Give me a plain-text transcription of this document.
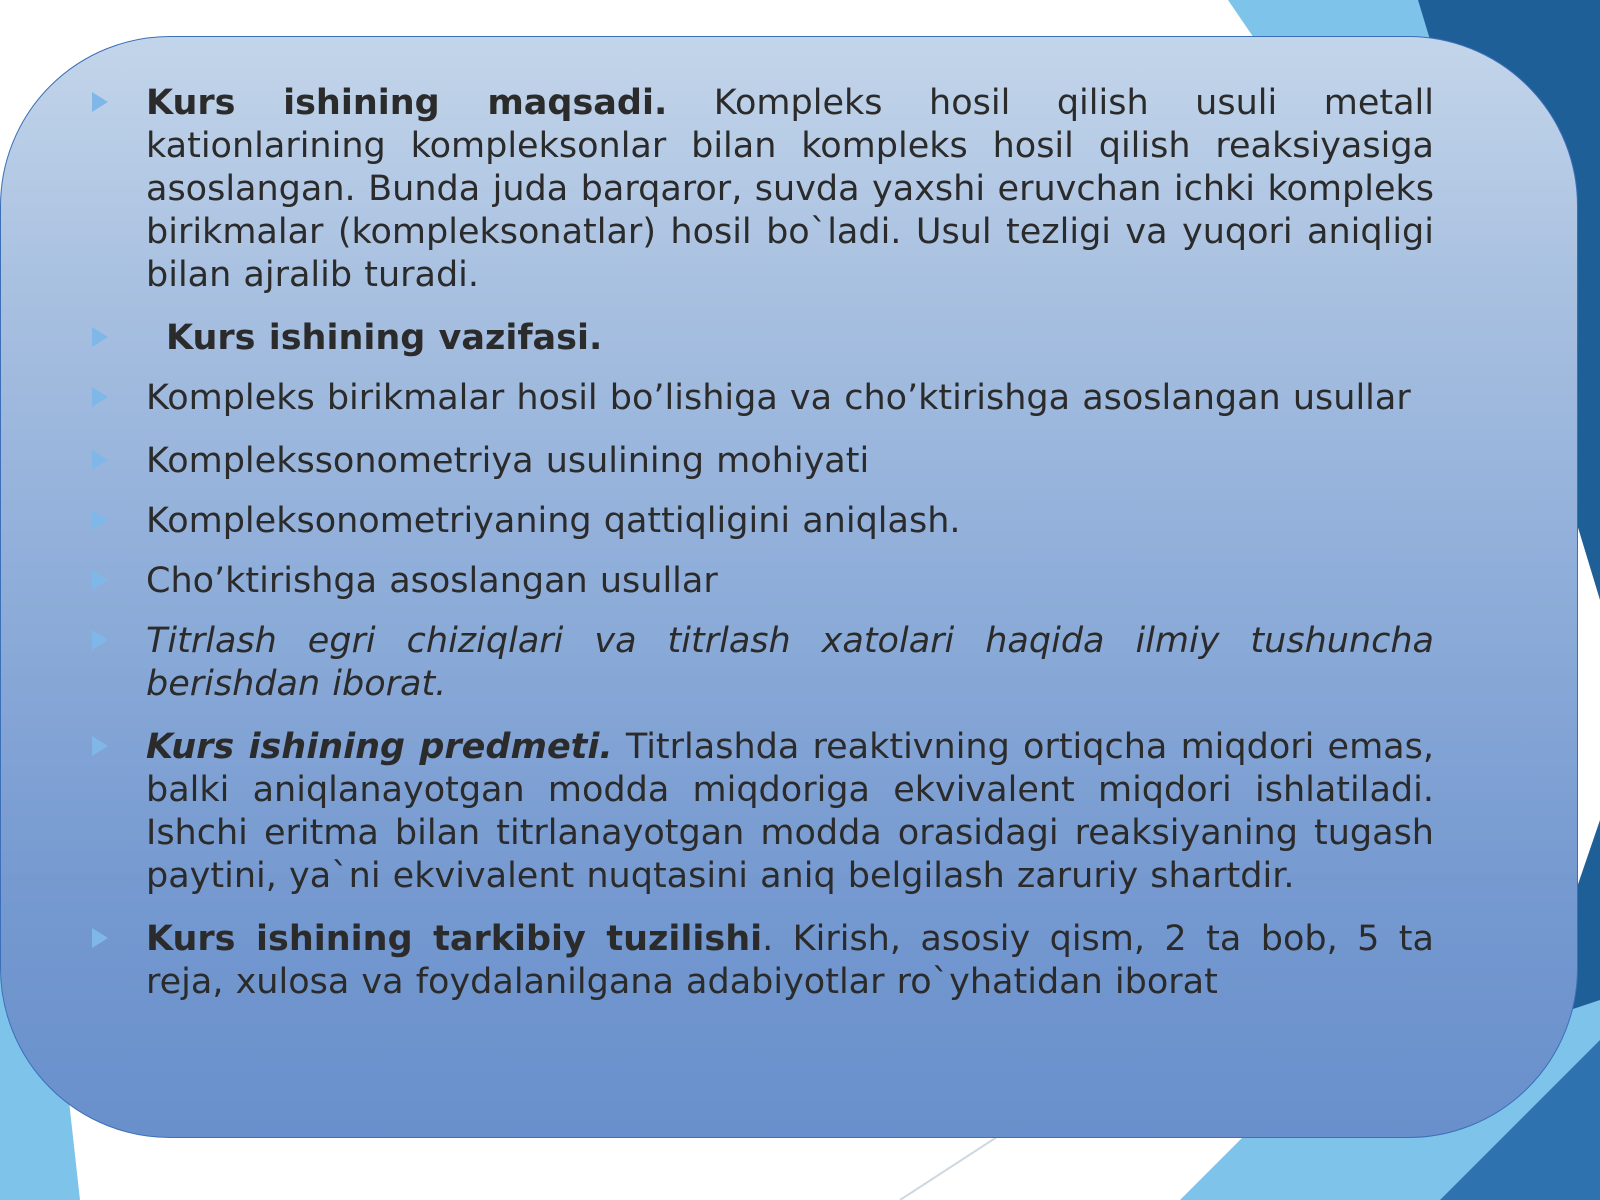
Kurs ishining maqsadi. Kompleks hosil qilish usuli metall kationlarining kompleksonlar bilan kompleks hosil qilish reaksiyasiga asoslangan. Bunda juda barqaror, suvda yaxshi eruvchan ichki kompleks birikmalar (kompleksonatlar) hosil bo`ladi. Usul tezligi va yuqori aniqligi bilan ajralib turadi.
Kurs ishining vazifasi.
Kompleks birikmalar hosil bo’lishiga va cho’ktirishga asoslangan usullar
Komplekssonometriya usulining mohiyati
Kompleksonometriyaning qattiqligini aniqlash.
Cho’ktirishga asoslangan usullar
Titrlash egri chiziqlari va titrlash xatolari haqida ilmiy tushuncha berishdan iborat.
Kurs ishining predmeti. Titrlashda reaktivning ortiqcha miqdori emas, balki aniqlanayotgan modda miqdoriga ekvivalent miqdori ishlatiladi. Ishchi eritma bilan titrlanayotgan modda orasidagi reaksiyaning tugash paytini, ya`ni ekvivalent nuqtasini aniq belgilash zaruriy shartdir.
Kurs ishining tarkibiy tuzilishi. Kirish, asosiy qism, 2 ta bob, 5 ta reja, xulosa va foydalanilgana adabiyotlar ro`yhatidan iborat
